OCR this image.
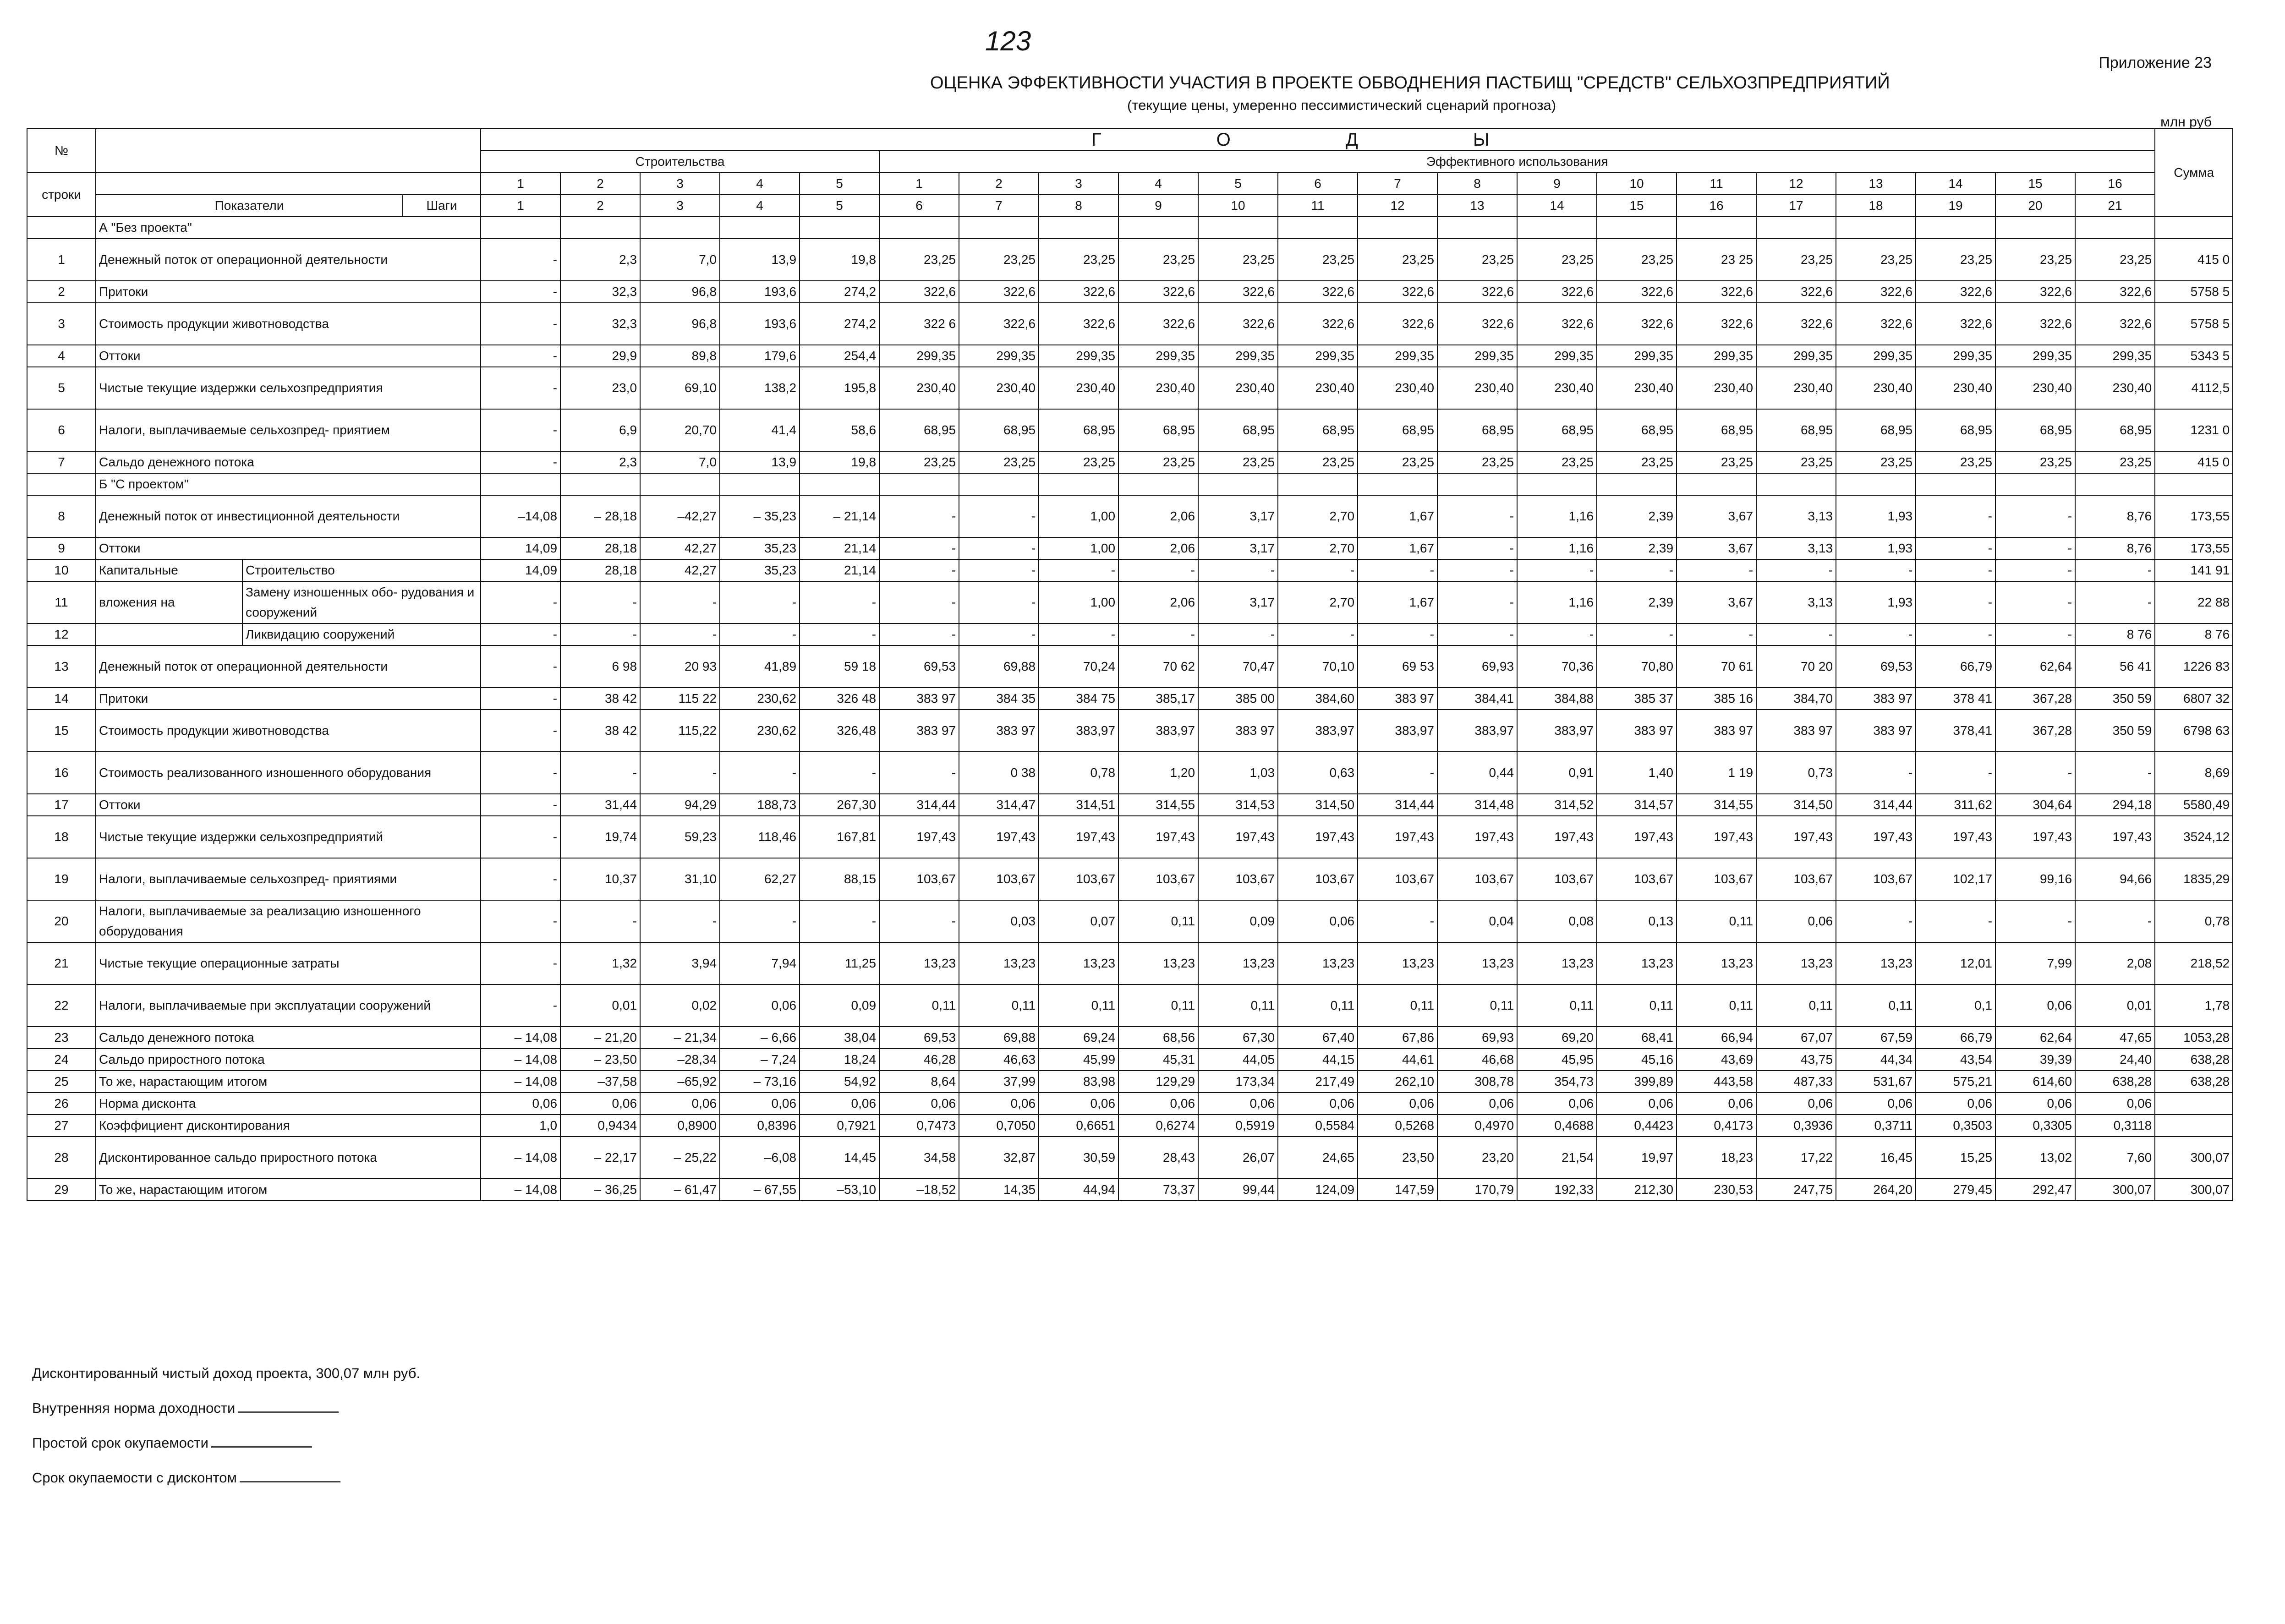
123
Приложение 23
ОЦЕНКА ЭФФЕКТИВНОСТИ УЧАСТИЯ В ПРОЕКТЕ ОБВОДНЕНИЯ ПАСТБИЩ "СРЕДСТВ" СЕЛЬХОЗПРЕДПРИЯТИЙ
(текущие цены, умеренно пессимистический сценарий прогноза)
млн руб
№				Г О Д Ы																					Сумма
				Строительства					Эффективного использования																
строки				1	2	3	4	5	1	2	3	4	5	6	7	8	9	10	11	12	13	14	15	16	
	Показатели		Шаги	1	2	3	4	5	6	7	8	9	10	11	12	13	14	15	16	17	18	19	20	21	
	А "Без проекта"																								
1	Денежный поток от операционной деятельности			-	2,3	7,0	13,9	19,8	23,25	23,25	23,25	23,25	23,25	23,25	23,25	23,25	23,25	23,25	23 25	23,25	23,25	23,25	23,25	23,25	415 0
2	Притоки			-	32,3	96,8	193,6	274,2	322,6	322,6	322,6	322,6	322,6	322,6	322,6	322,6	322,6	322,6	322,6	322,6	322,6	322,6	322,6	322,6	5758 5
3	Стоимость продукции животноводства			-	32,3	96,8	193,6	274,2	322 6	322,6	322,6	322,6	322,6	322,6	322,6	322,6	322,6	322,6	322,6	322,6	322,6	322,6	322,6	322,6	5758 5
4	Оттоки			-	29,9	89,8	179,6	254,4	299,35	299,35	299,35	299,35	299,35	299,35	299,35	299,35	299,35	299,35	299,35	299,35	299,35	299,35	299,35	299,35	5343 5
5	Чистые текущие издержки сельхозпредприятия			-	23,0	69,10	138,2	195,8	230,40	230,40	230,40	230,40	230,40	230,40	230,40	230,40	230,40	230,40	230,40	230,40	230,40	230,40	230,40	230,40	4112,5
6	Налоги, выплачиваемые сельхозпред- приятием			-	6,9	20,70	41,4	58,6	68,95	68,95	68,95	68,95	68,95	68,95	68,95	68,95	68,95	68,95	68,95	68,95	68,95	68,95	68,95	68,95	1231 0
7	Сальдо денежного потока			-	2,3	7,0	13,9	19,8	23,25	23,25	23,25	23,25	23,25	23,25	23,25	23,25	23,25	23,25	23,25	23,25	23,25	23,25	23,25	23,25	415 0
	Б "С проектом"																								
8	Денежный поток от инвестиционной деятельности			–14,08	– 28,18	–42,27	– 35,23	– 21,14	-	-	1,00	2,06	3,17	2,70	1,67	-	1,16	2,39	3,67	3,13	1,93	-	-	8,76	173,55
9	Оттоки			14,09	28,18	42,27	35,23	21,14	-	-	1,00	2,06	3,17	2,70	1,67	-	1,16	2,39	3,67	3,13	1,93	-	-	8,76	173,55
10	Капитальные	Строительство		14,09	28,18	42,27	35,23	21,14	-	-	-	-	-	-	-	-	-	-	-	-	-	-	-	-	141 91
11	вложения на	Замену изношенных обо- рудования и сооружений		-	-	-	-	-	-	-	1,00	2,06	3,17	2,70	1,67	-	1,16	2,39	3,67	3,13	1,93	-	-	-	22 88
12		Ликвидацию сооружений		-	-	-	-	-	-	-	-	-	-	-	-	-	-	-	-	-	-	-	-	8 76	8 76
13	Денежный поток от операционной деятельности			-	6 98	20 93	41,89	59 18	69,53	69,88	70,24	70 62	70,47	70,10	69 53	69,93	70,36	70,80	70 61	70 20	69,53	66,79	62,64	56 41	1226 83
14	Притоки			-	38 42	115 22	230,62	326 48	383 97	384 35	384 75	385,17	385 00	384,60	383 97	384,41	384,88	385 37	385 16	384,70	383 97	378 41	367,28	350 59	6807 32
15	Стоимость продукции животноводства			-	38 42	115,22	230,62	326,48	383 97	383 97	383,97	383,97	383 97	383,97	383,97	383,97	383,97	383 97	383 97	383 97	383 97	378,41	367,28	350 59	6798 63
16	Стоимость реализованного изношенного оборудования			-	-	-	-	-	-	0 38	0,78	1,20	1,03	0,63	-	0,44	0,91	1,40	1 19	0,73	-	-	-	-	8,69
17	Оттоки			-	31,44	94,29	188,73	267,30	314,44	314,47	314,51	314,55	314,53	314,50	314,44	314,48	314,52	314,57	314,55	314,50	314,44	311,62	304,64	294,18	5580,49
18	Чистые текущие издержки сельхозпредприятий			-	19,74	59,23	118,46	167,81	197,43	197,43	197,43	197,43	197,43	197,43	197,43	197,43	197,43	197,43	197,43	197,43	197,43	197,43	197,43	197,43	3524,12
19	Налоги, выплачиваемые сельхозпред- приятиями			-	10,37	31,10	62,27	88,15	103,67	103,67	103,67	103,67	103,67	103,67	103,67	103,67	103,67	103,67	103,67	103,67	103,67	102,17	99,16	94,66	1835,29
20	Налоги, выплачиваемые за реализацию изношенного оборудования			-	-	-	-	-	-	0,03	0,07	0,11	0,09	0,06	-	0,04	0,08	0,13	0,11	0,06	-	-	-	-	0,78
21	Чистые текущие операционные затраты			-	1,32	3,94	7,94	11,25	13,23	13,23	13,23	13,23	13,23	13,23	13,23	13,23	13,23	13,23	13,23	13,23	13,23	12,01	7,99	2,08	218,52
22	Налоги, выплачиваемые при эксплуатации сооружений			-	0,01	0,02	0,06	0,09	0,11	0,11	0,11	0,11	0,11	0,11	0,11	0,11	0,11	0,11	0,11	0,11	0,11	0,1	0,06	0,01	1,78
23	Сальдо денежного потока			– 14,08	– 21,20	– 21,34	– 6,66	38,04	69,53	69,88	69,24	68,56	67,30	67,40	67,86	69,93	69,20	68,41	66,94	67,07	67,59	66,79	62,64	47,65	1053,28
24	Сальдо приростного потока			– 14,08	– 23,50	–28,34	– 7,24	18,24	46,28	46,63	45,99	45,31	44,05	44,15	44,61	46,68	45,95	45,16	43,69	43,75	44,34	43,54	39,39	24,40	638,28
25	То же, нарастающим итогом			– 14,08	–37,58	–65,92	– 73,16	54,92	8,64	37,99	83,98	129,29	173,34	217,49	262,10	308,78	354,73	399,89	443,58	487,33	531,67	575,21	614,60	638,28	638,28
26	Норма дисконта			0,06	0,06	0,06	0,06	0,06	0,06	0,06	0,06	0,06	0,06	0,06	0,06	0,06	0,06	0,06	0,06	0,06	0,06	0,06	0,06	0,06	
27	Коэффициент дисконтирования			1,0	0,9434	0,8900	0,8396	0,7921	0,7473	0,7050	0,6651	0,6274	0,5919	0,5584	0,5268	0,4970	0,4688	0,4423	0,4173	0,3936	0,3711	0,3503	0,3305	0,3118	
28	Дисконтированное сальдо приростного потока			– 14,08	– 22,17	– 25,22	–6,08	14,45	34,58	32,87	30,59	28,43	26,07	24,65	23,50	23,20	21,54	19,97	18,23	17,22	16,45	15,25	13,02	7,60	300,07
29	То же, нарастающим итогом			– 14,08	– 36,25	– 61,47	– 67,55	–53,10	–18,52	14,35	44,94	73,37	99,44	124,09	147,59	170,79	192,33	212,30	230,53	247,75	264,20	279,45	292,47	300,07	300,07
Дисконтированный чистый доход проекта, 300,07 млн руб.
Внутренняя норма доходности
Простой срок окупаемости
Срок окупаемости с дисконтом
